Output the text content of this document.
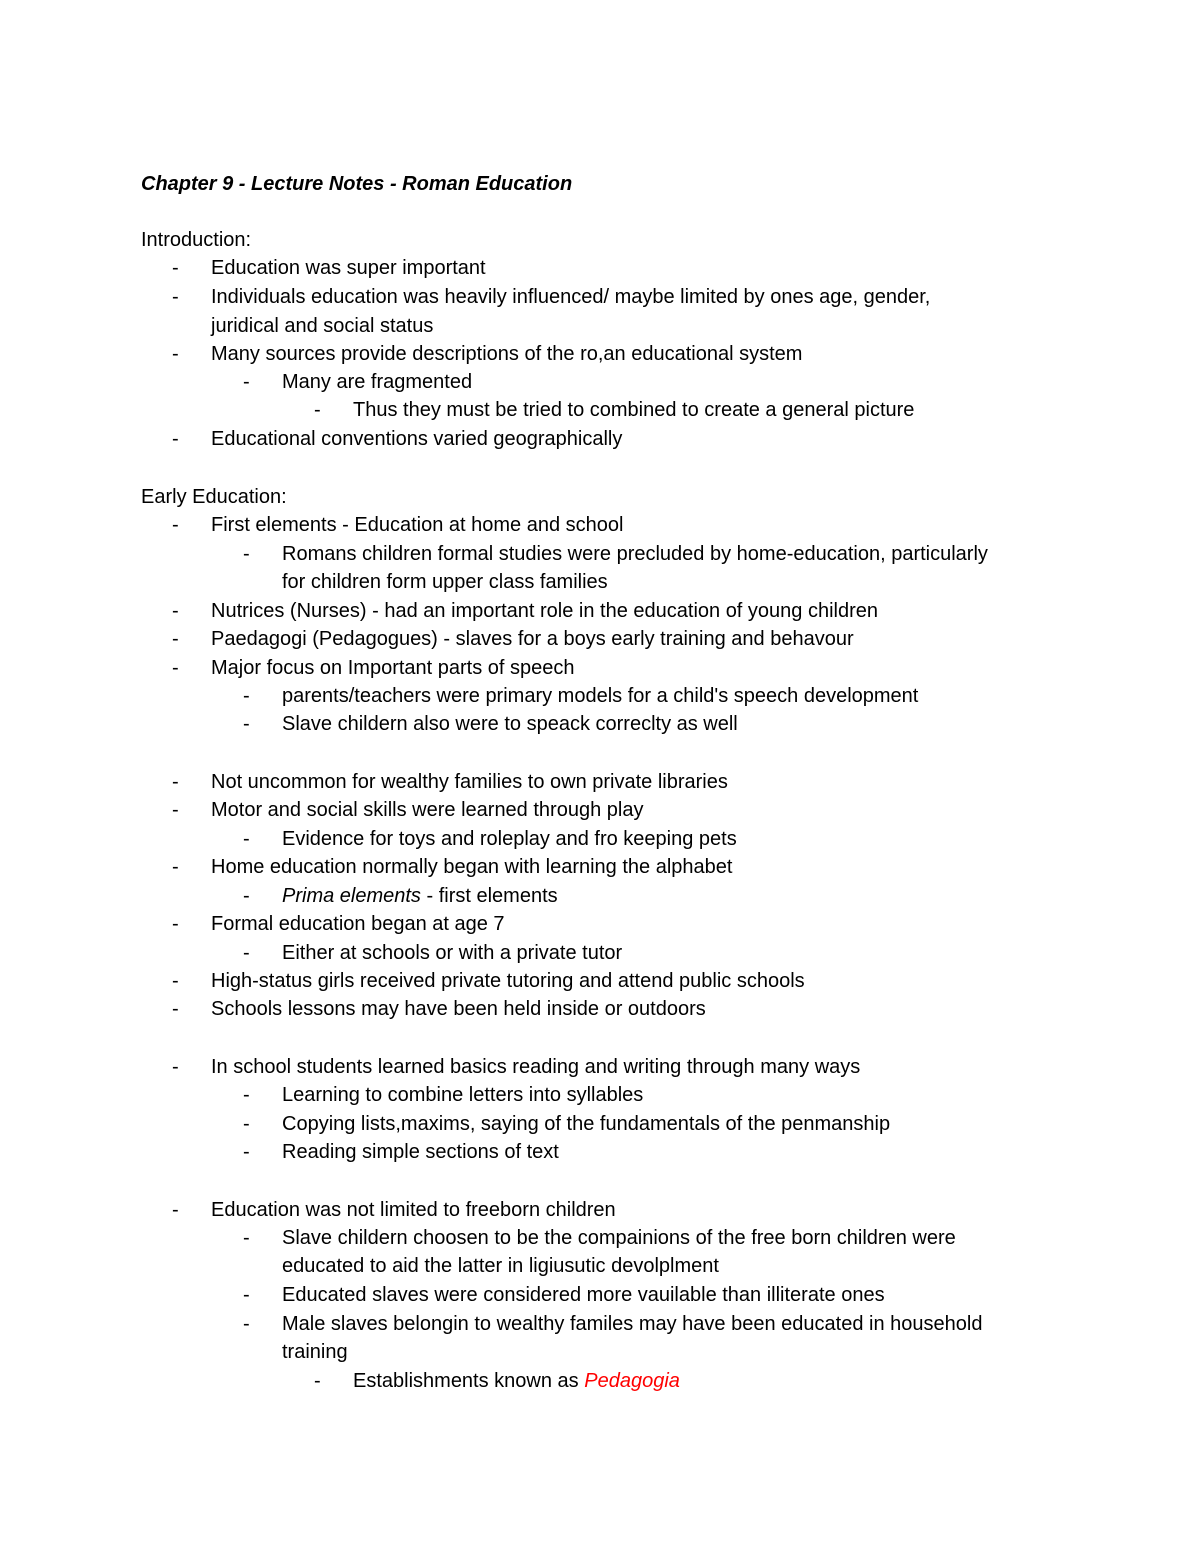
Chapter 9 - Lecture Notes - Roman Education
Introduction:
- Education was super important
- Individuals education was heavily influenced/ maybe limited by ones age, gender,
juridical and social status
- Many sources provide descriptions of the ro,an educational system
- Many are fragmented
- Thus they must be tried to combined to create a general picture
- Educational conventions varied geographically
Early Education:
- First elements - Education at home and school
- Romans children formal studies were precluded by home-education, particularly
for children form upper class families
- Nutrices (Nurses) - had an important role in the education of young children
- Paedagogi (Pedagogues) - slaves for a boys early training and behavour
- Major focus on Important parts of speech
- parents/teachers were primary models for a child's speech development
- Slave childern also were to speack correclty as well
- Not uncommon for wealthy families to own private libraries
- Motor and social skills were learned through play
- Evidence for toys and roleplay and fro keeping pets
- Home education normally began with learning the alphabet
- Prima elements - first elements
- Formal education began at age 7
- Either at schools or with a private tutor
- High-status girls received private tutoring and attend public schools
- Schools lessons may have been held inside or outdoors
- In school students learned basics reading and writing through many ways
- Learning to combine letters into syllables
- Copying lists,maxims, saying of the fundamentals of the penmanship
- Reading simple sections of text
- Education was not limited to freeborn children
- Slave childern choosen to be the compainions of the free born children were
educated to aid the latter in ligiusutic devolplment
- Educated slaves were considered more vauilable than illiterate ones
- Male slaves belongin to wealthy familes may have been educated in household
training
- Establishments known as Pedagogia
